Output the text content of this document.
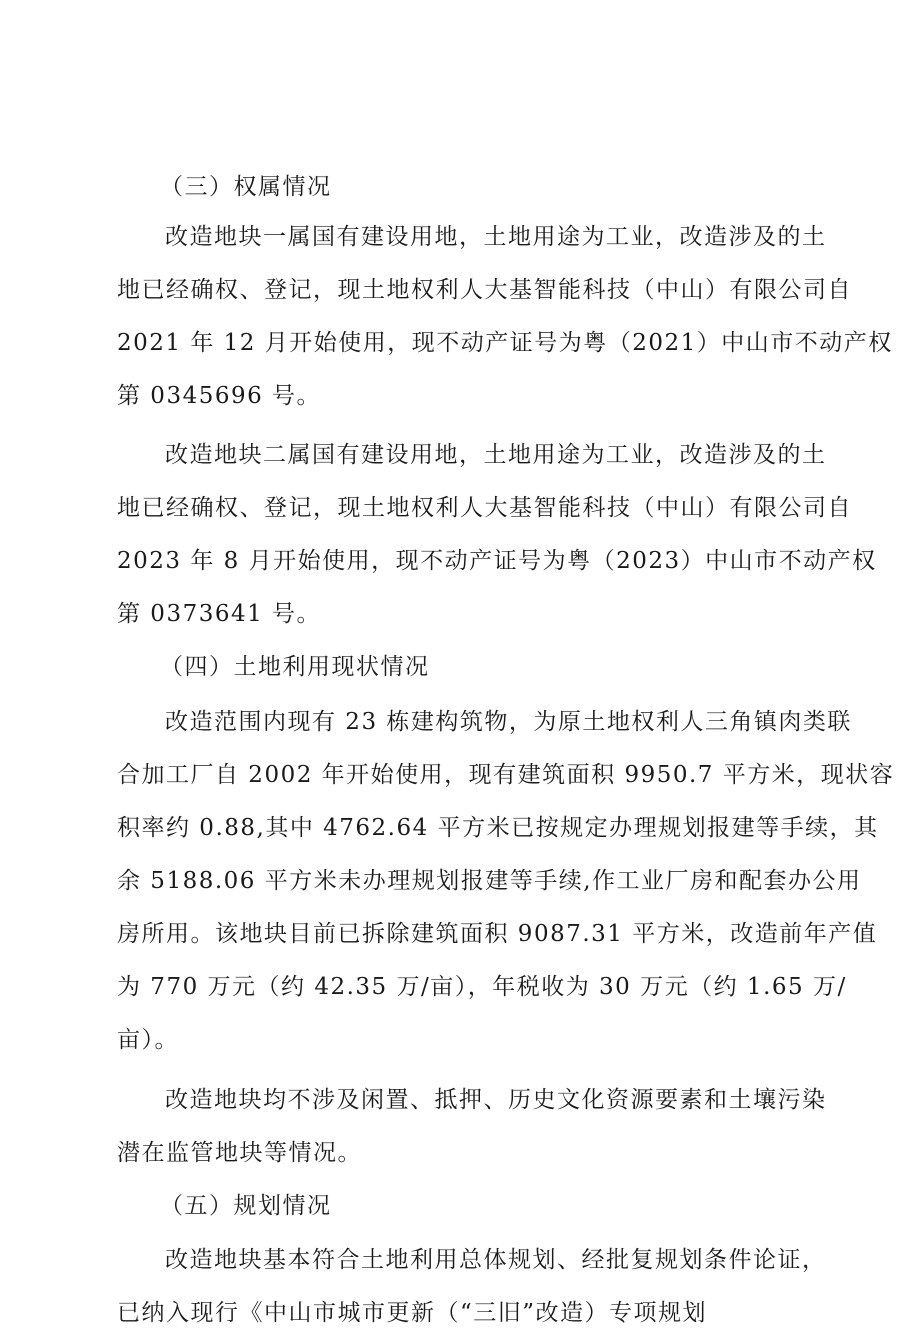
（三）权属情况
改造地块一属国有建设用地，土地用途为工业，改造涉及的土
地已经确权、登记，现土地权利人大基智能科技（中山）有限公司自
2021 年 12 月开始使用，现不动产证号为粤（2021）中山市不动产权
第 0345696 号。
改造地块二属国有建设用地，土地用途为工业，改造涉及的土
地已经确权、登记，现土地权利人大基智能科技（中山）有限公司自
2023 年 8 月开始使用，现不动产证号为粤（2023）中山市不动产权
第 0373641 号。
（四）土地利用现状情况
改造范围内现有 23 栋建构筑物，为原土地权利人三角镇肉类联
合加工厂自 2002 年开始使用，现有建筑面积 9950.7 平方米，现状容
积率约 0.88,其中 4762.64 平方米已按规定办理规划报建等手续，其
余 5188.06 平方米未办理规划报建等手续,作工业厂房和配套办公用
房所用。该地块目前已拆除建筑面积 9087.31 平方米，改造前年产值
为 770 万元（约 42.35 万/亩），年税收为 30 万元（约 1.65 万/
亩）。
改造地块均不涉及闲置、抵押、历史文化资源要素和土壤污染
潜在监管地块等情况。
（五）规划情况
改造地块基本符合土地利用总体规划、经批复规划条件论证，
已纳入现行《中山市城市更新（“三旧”改造）专项规划
